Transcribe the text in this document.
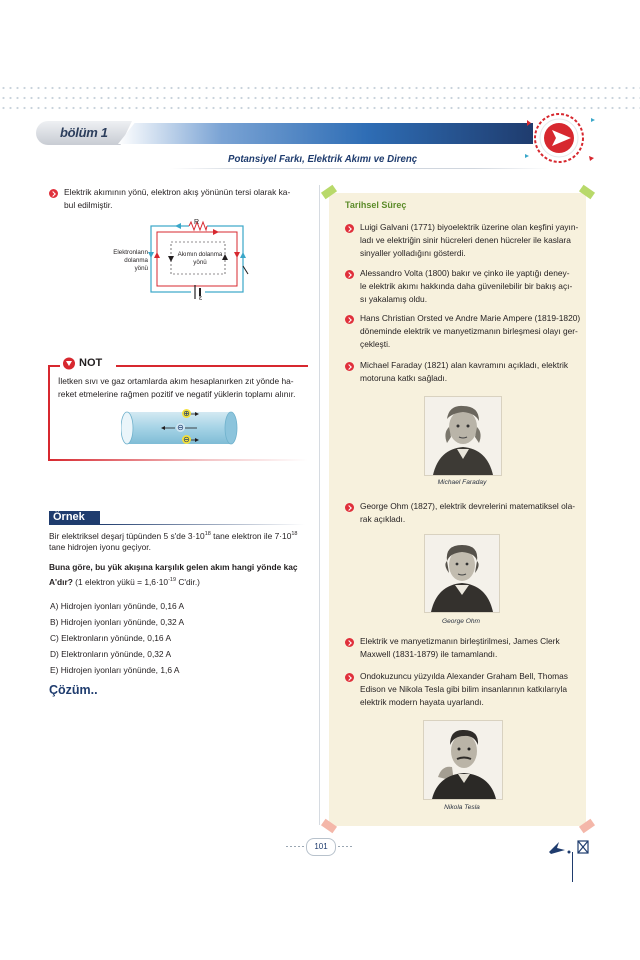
bölüm 1
Potansiyel Farkı, Elektrik Akımı ve Direnç
Elektrik akımının yönü, elektron akış yönünün tersi olarak ka-
bul edilmiştir.
R
ε
Elektronların
dolanma
yönü
Akımın dolanma
yönü
NOT
İletken sıvı ve gaz ortamlarda akım hesaplanırken zıt yönde ha-
reket etmelerine rağmen pozitif ve negatif yüklerin toplamı alınır.
⊕
⊖
⊖
Örnek
Bir elektriksel deşarj tüpünden 5 s'de $3\cdot 10^{18}$ tane elektron ile $7\cdot 10^{18}$
tane hidrojen iyonu geçiyor.
Buna göre, bu yük akışına karşılık gelen akım hangi yönde kaç
A'dır? (1 elektron yükü = $1,6\cdot 10^{-19}$ C'dir.)
A) Hidrojen iyonları yönünde, 0,16 A
B) Hidrojen iyonları yönünde, 0,32 A
C) Elektronların yönünde, 0,16 A
D) Elektronların yönünde, 0,32 A
E) Hidrojen iyonları yönünde, 1,6 A
Çözüm..
Tarihsel Süreç
Luigi Galvani (1771) biyoelektrik üzerine olan keşfini yayın-
ladı ve elektriğin sinir hücreleri denen hücreler ile kaslara
sinyaller yolladığını gösterdi.
Alessandro Volta (1800) bakır ve çinko ile yaptığı deney-
le elektrik akımı hakkında daha güvenilebilir bir bakış açı-
sı yakalamış oldu.
Hans Christian Orsted ve Andre Marie Ampere (1819-1820)
döneminde elektrik ve manyetizmanın birleşmesi olayı ger-
çekleşti.
Michael Faraday (1821) alan kavramını açıkladı, elektrik
motoruna katkı sağladı.
Michael Faraday
George Ohm (1827), elektrik devrelerini matematiksel ola-
rak açıkladı.
George Ohm
Elektrik ve manyetizmanın birleştirilmesi, James Clerk
Maxwell (1831-1879) ile tamamlandı.
Ondokuzuncu yüzyılda Alexander Graham Bell, Thomas
Edison ve Nikola Tesla gibi bilim insanlarının katkılarıyla
elektrik modern hayata uyarlandı.
Nikola Tesla
101
